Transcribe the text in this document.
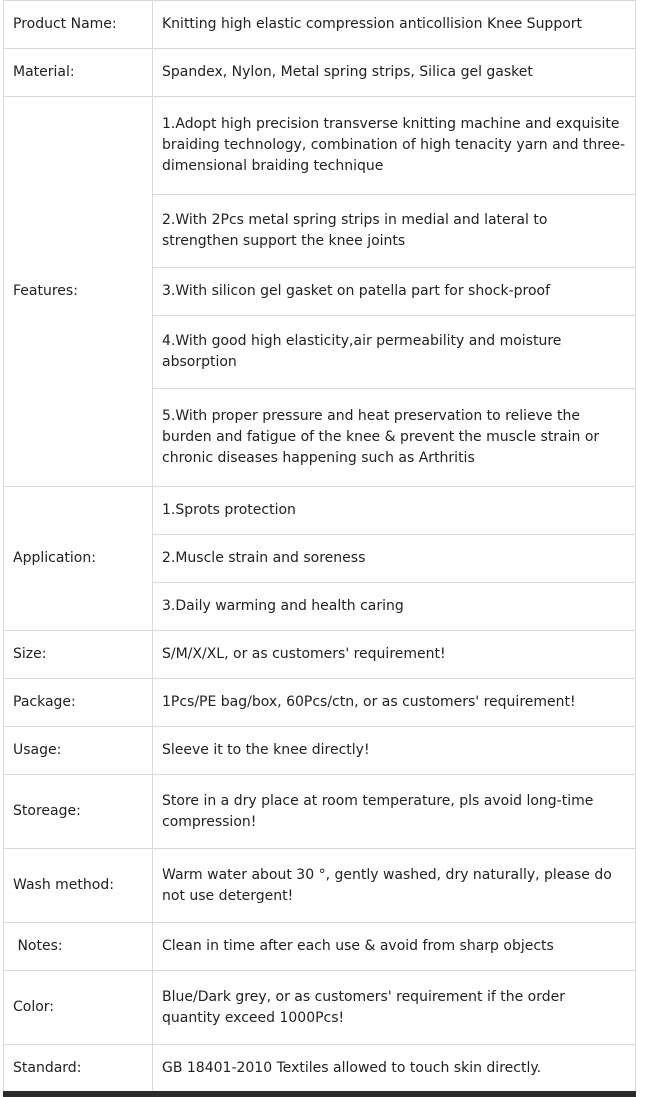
Product Name:	Knitting high elastic compression anticollision Knee Support
Material:	Spandex, Nylon, Metal spring strips, Silica gel gasket
Features:	1.Adopt high precision transverse knitting machine and exquisite braiding technology, combination of high tenacity yarn and three-dimensional braiding technique
	2.With 2Pcs metal spring strips in medial and lateral to strengthen support the knee joints
	3.With silicon gel gasket on patella part for shock-proof
	4.With good high elasticity,air permeability and moisture absorption
	5.With proper pressure and heat preservation to relieve the burden and fatigue of the knee & prevent the muscle strain or chronic diseases happening such as Arthritis
Application:	1.Sprots protection
	2.Muscle strain and soreness
	3.Daily warming and health caring
Size:	S/M/X/XL, or as customers' requirement!
Package:	1Pcs/PE bag/box, 60Pcs/ctn, or as customers' requirement!
Usage:	Sleeve it to the knee directly!
Storeage:	Store in a dry place at room temperature, pls avoid long-time compression!
Wash method:	Warm water about 30 °, gently washed, dry naturally, please do not use detergent!
Notes:	Clean in time after each use & avoid from sharp objects
Color:	Blue/Dark grey, or as customers' requirement if the order quantity exceed 1000Pcs!
Standard:	GB 18401-2010 Textiles allowed to touch skin directly.
